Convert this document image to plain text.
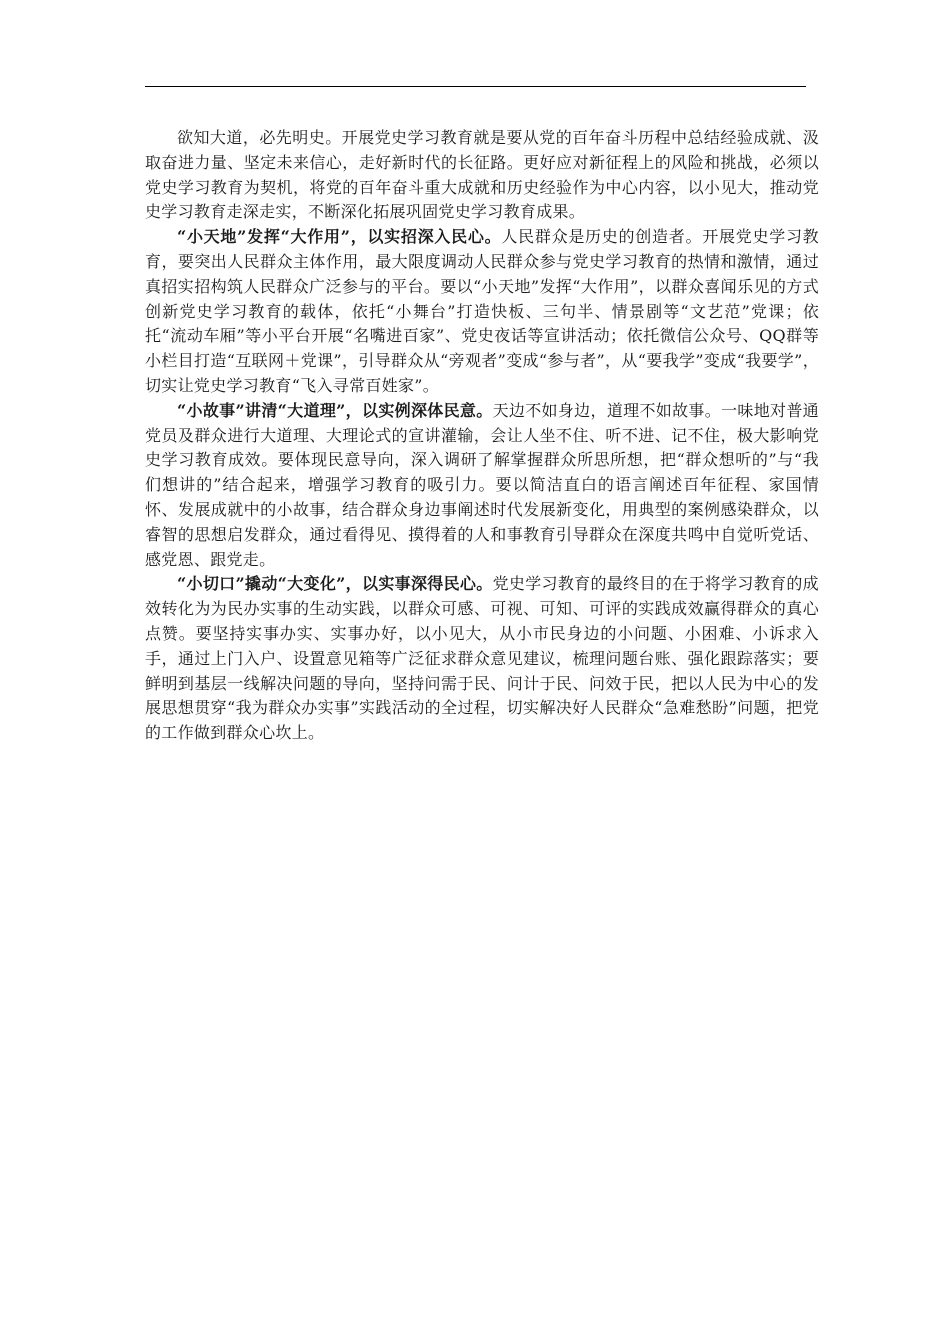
欲知大道，必先明史。开展党史学习教育就是要从党的百年奋斗历程中总结经验成就、汲取奋进力量、坚定未来信心，走好新时代的长征路。更好应对新征程上的风险和挑战，必须以党史学习教育为契机，将党的百年奋斗重大成就和历史经验作为中心内容，以小见大，推动党史学习教育走深走实，不断深化拓展巩固党史学习教育成果。

“小天地”发挥“大作用”，以实招深入民心。人民群众是历史的创造者。开展党史学习教育，要突出人民群众主体作用，最大限度调动人民群众参与党史学习教育的热情和激情，通过真招实招构筑人民群众广泛参与的平台。要以“小天地”发挥“大作用”，以群众喜闻乐见的方式创新党史学习教育的载体，依托“小舞台”打造快板、三句半、情景剧等“文艺范”党课；依托“流动车厢”等小平台开展“名嘴进百家”、党史夜话等宣讲活动；依托微信公众号、QQ群等小栏目打造“互联网＋党课”，引导群众从“旁观者”变成“参与者”，从“要我学”变成“我要学”，切实让党史学习教育“飞入寻常百姓家”。

“小故事”讲清“大道理”，以实例深体民意。天边不如身边，道理不如故事。一味地对普通党员及群众进行大道理、大理论式的宣讲灌输，会让人坐不住、听不进、记不住，极大影响党史学习教育成效。要体现民意导向，深入调研了解掌握群众所思所想，把“群众想听的”与“我们想讲的”结合起来，增强学习教育的吸引力。要以简洁直白的语言阐述百年征程、家国情怀、发展成就中的小故事，结合群众身边事阐述时代发展新变化，用典型的案例感染群众，以睿智的思想启发群众，通过看得见、摸得着的人和事教育引导群众在深度共鸣中自觉听党话、感党恩、跟党走。

“小切口”撬动“大变化”，以实事深得民心。党史学习教育的最终目的在于将学习教育的成效转化为为民办实事的生动实践，以群众可感、可视、可知、可评的实践成效赢得群众的真心点赞。要坚持实事办实、实事办好，以小见大，从小市民身边的小问题、小困难、小诉求入手，通过上门入户、设置意见箱等广泛征求群众意见建议，梳理问题台账、强化跟踪落实；要鲜明到基层一线解决问题的导向，坚持问需于民、问计于民、问效于民，把以人民为中心的发展思想贯穿“我为群众办实事”实践活动的全过程，切实解决好人民群众“急难愁盼”问题，把党的工作做到群众心坎上。
